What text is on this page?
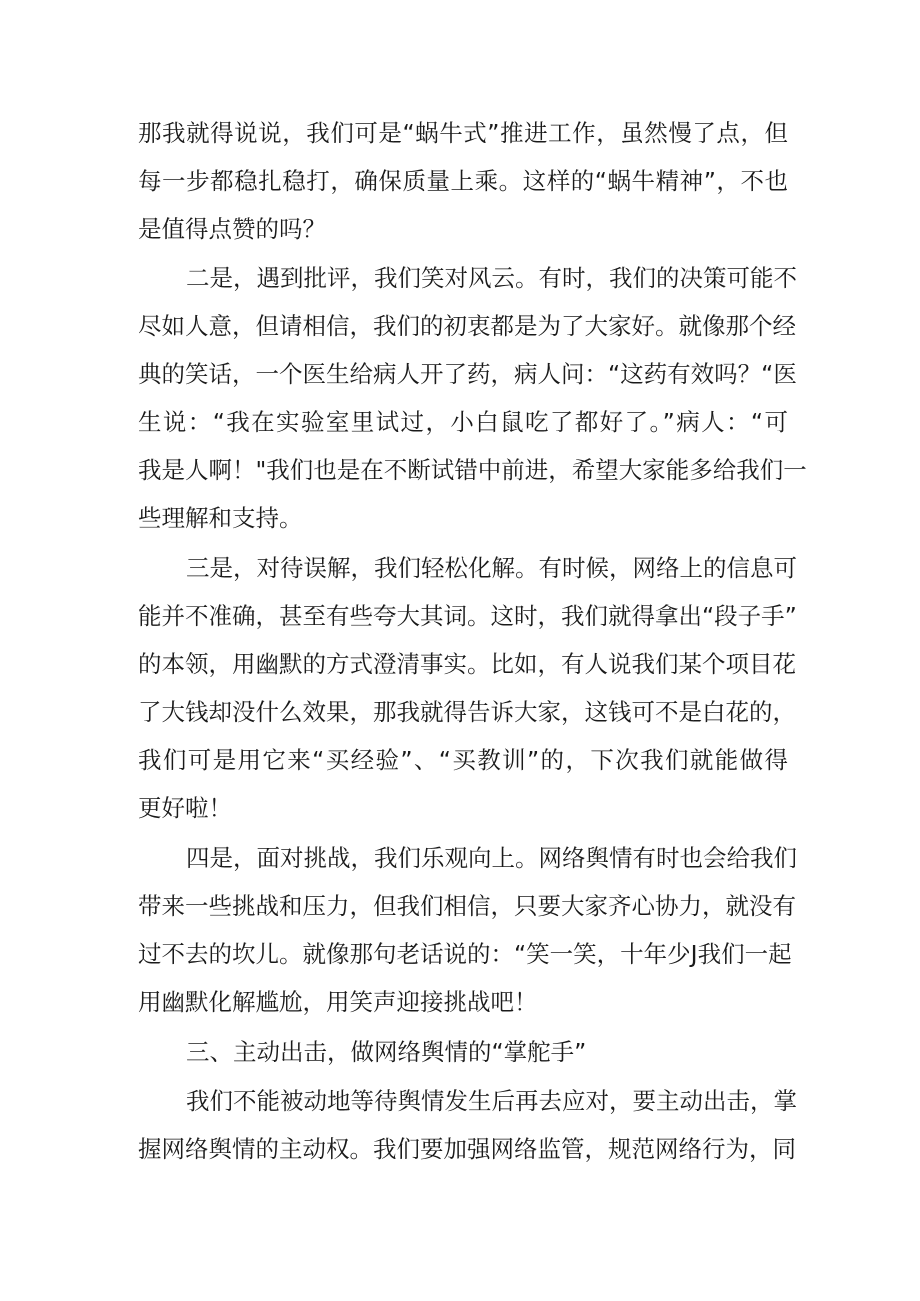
那我就得说说，我们可是“蜗牛式”推进工作，虽然慢了点，但
每一步都稳扎稳打，确保质量上乘。这样的“蜗牛精神”，不也
是值得点赞的吗？
二是，遇到批评，我们笑对风云。有时，我们的决策可能不
尽如人意，但请相信，我们的初衷都是为了大家好。就像那个经
典的笑话，一个医生给病人开了药，病人问：“这药有效吗？“医
生说：“我在实验室里试过，小白鼠吃了都好了。”病人：“可
我是人啊！"我们也是在不断试错中前进，希望大家能多给我们一
些理解和支持。
三是，对待误解，我们轻松化解。有时候，网络上的信息可
能并不准确，甚至有些夸大其词。这时，我们就得拿出“段子手”
的本领，用幽默的方式澄清事实。比如，有人说我们某个项目花
了大钱却没什么效果，那我就得告诉大家，这钱可不是白花的，
我们可是用它来“买经验”、“买教训”的，下次我们就能做得
更好啦！
四是，面对挑战，我们乐观向上。网络舆情有时也会给我们
带来一些挑战和压力，但我们相信，只要大家齐心协力，就没有
过不去的坎儿。就像那句老话说的：“笑一笑，十年少J我们一起
用幽默化解尴尬，用笑声迎接挑战吧！
三、主动出击，做网络舆情的“掌舵手”
我们不能被动地等待舆情发生后再去应对，要主动出击，掌
握网络舆情的主动权。我们要加强网络监管，规范网络行为，同
